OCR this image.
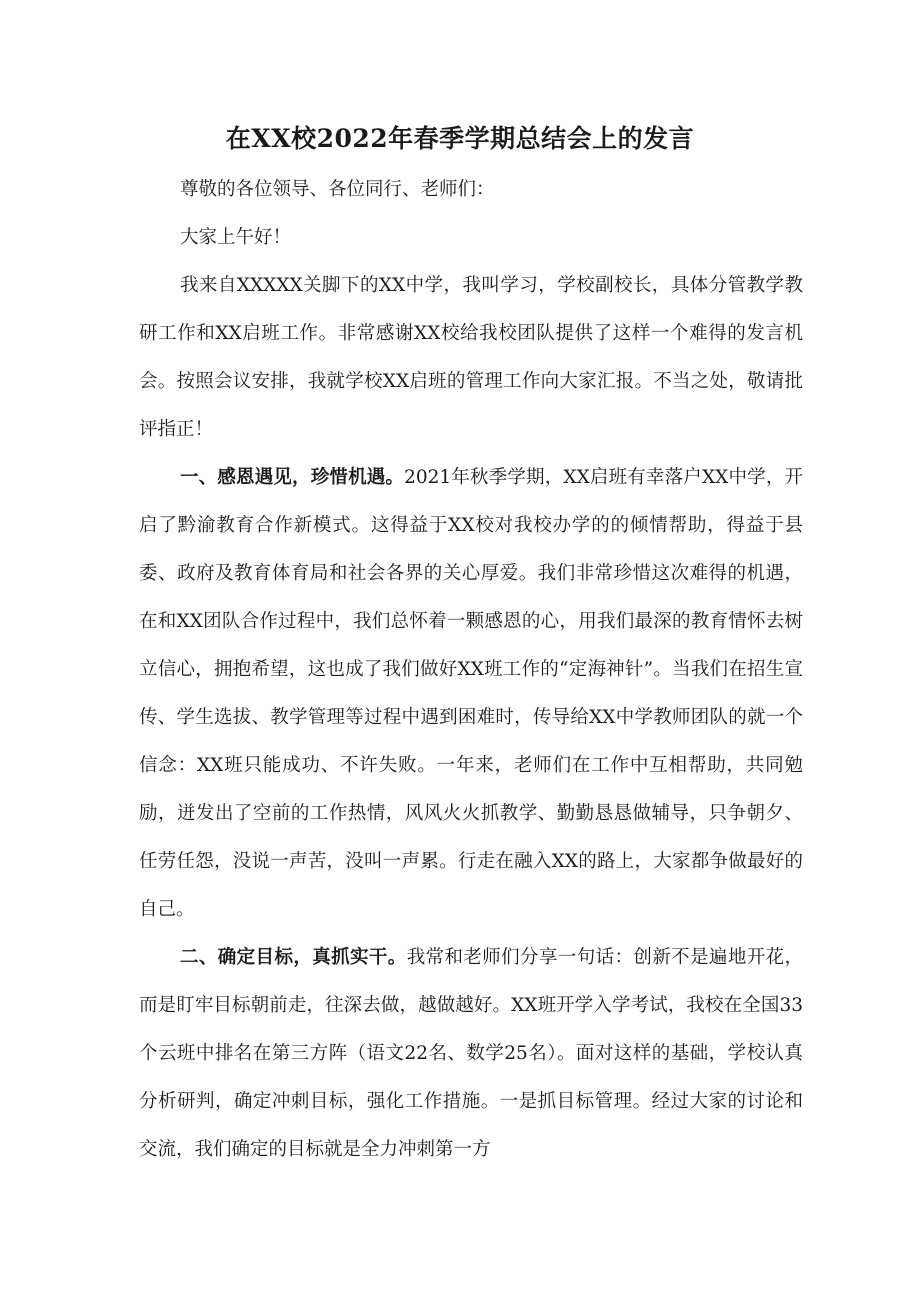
在XX校2022年春季学期总结会上的发言

尊敬的各位领导、各位同行、老师们：

大家上午好！

我来自XXXXX关脚下的XX中学，我叫学习，学校副校长，具体分管教学教研工作和XX启班工作。非常感谢XX校给我校团队提供了这样一个难得的发言机会。按照会议安排，我就学校XX启班的管理工作向大家汇报。不当之处，敬请批评指正！

一、感恩遇见，珍惜机遇。2021年秋季学期，XX启班有幸落户XX中学，开启了黔渝教育合作新模式。这得益于XX校对我校办学的的倾情帮助，得益于县委、政府及教育体育局和社会各界的关心厚爱。我们非常珍惜这次难得的机遇，在和XX团队合作过程中，我们总怀着一颗感恩的心，用我们最深的教育情怀去树立信心，拥抱希望，这也成了我们做好XX班工作的“定海神针”。当我们在招生宣传、学生选拔、教学管理等过程中遇到困难时，传导给XX中学教师团队的就一个信念：XX班只能成功、不许失败。一年来，老师们在工作中互相帮助，共同勉励，迸发出了空前的工作热情，风风火火抓教学、勤勤恳恳做辅导，只争朝夕、任劳任怨，没说一声苦，没叫一声累。行走在融入XX的路上，大家都争做最好的自己。

二、确定目标，真抓实干。我常和老师们分享一句话：创新不是遍地开花，而是盯牢目标朝前走，往深去做，越做越好。XX班开学入学考试，我校在全国33个云班中排名在第三方阵（语文22名、数学25名）。面对这样的基础，学校认真分析研判，确定冲刺目标，强化工作措施。一是抓目标管理。经过大家的讨论和交流，我们确定的目标就是全力冲刺第一方
